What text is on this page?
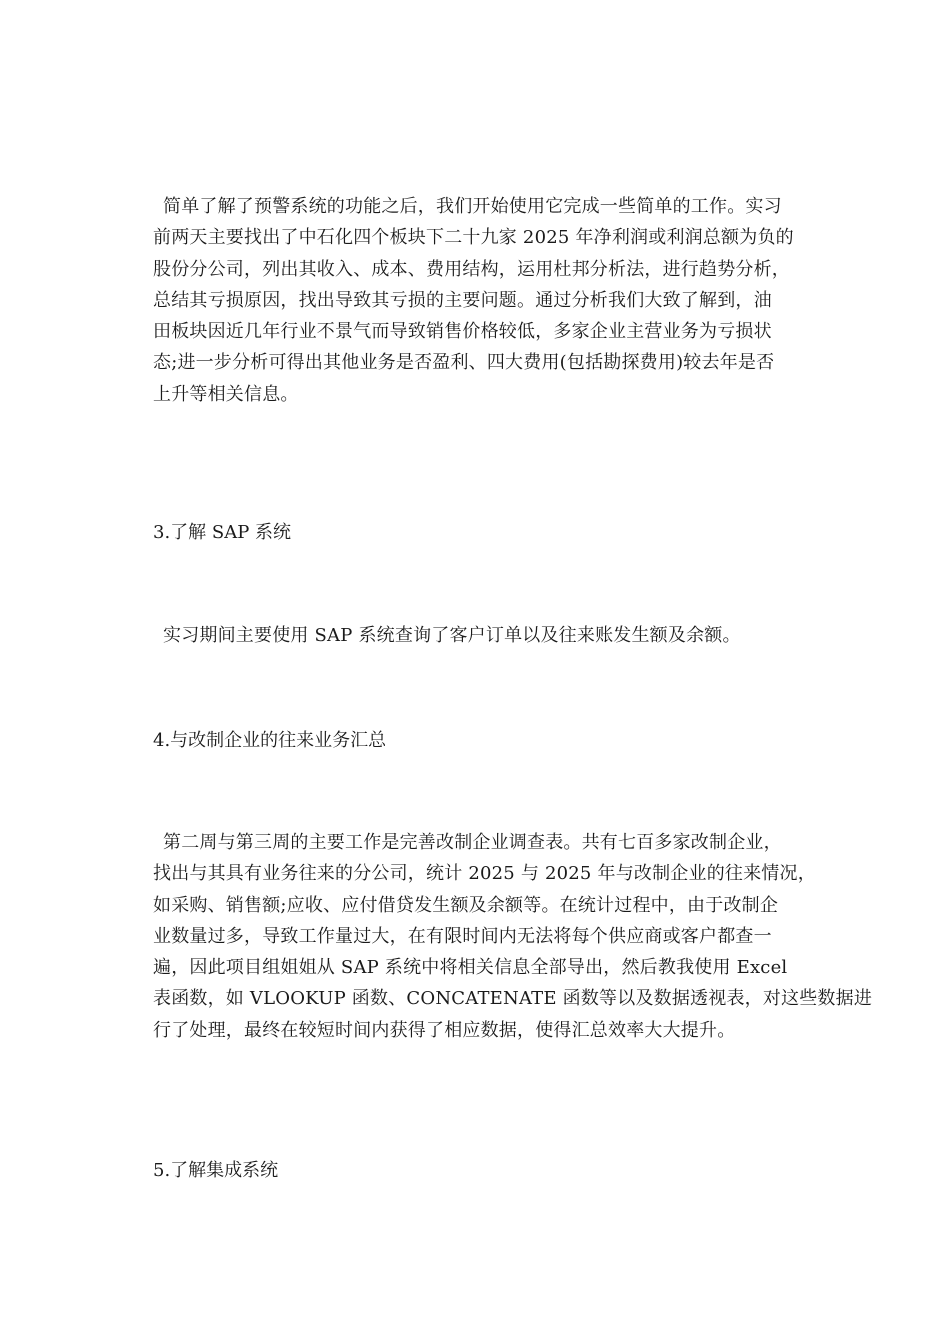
简单了解了预警系统的功能之后，我们开始使用它完成一些简单的工作。实习
前两天主要找出了中石化四个板块下二十九家 2025 年净利润或利润总额为负的
股份分公司，列出其收入、成本、费用结构，运用杜邦分析法，进行趋势分析，
总结其亏损原因，找出导致其亏损的主要问题。通过分析我们大致了解到，油
田板块因近几年行业不景气而导致销售价格较低，多家企业主营业务为亏损状
态;进一步分析可得出其他业务是否盈利、四大费用(包括勘探费用)较去年是否
上升等相关信息。
3.了解 SAP 系统
实习期间主要使用 SAP 系统查询了客户订单以及往来账发生额及余额。
4.与改制企业的往来业务汇总
第二周与第三周的主要工作是完善改制企业调查表。共有七百多家改制企业，
找出与其具有业务往来的分公司，统计 2025 与 2025 年与改制企业的往来情况，
如采购、销售额;应收、应付借贷发生额及余额等。在统计过程中，由于改制企
业数量过多，导致工作量过大，在有限时间内无法将每个供应商或客户都查一
遍，因此项目组姐姐从 SAP 系统中将相关信息全部导出，然后教我使用 Excel
表函数，如 VLOOKUP 函数、CONCATENATE 函数等以及数据透视表，对这些数据进
行了处理，最终在较短时间内获得了相应数据，使得汇总效率大大提升。
5.了解集成系统
